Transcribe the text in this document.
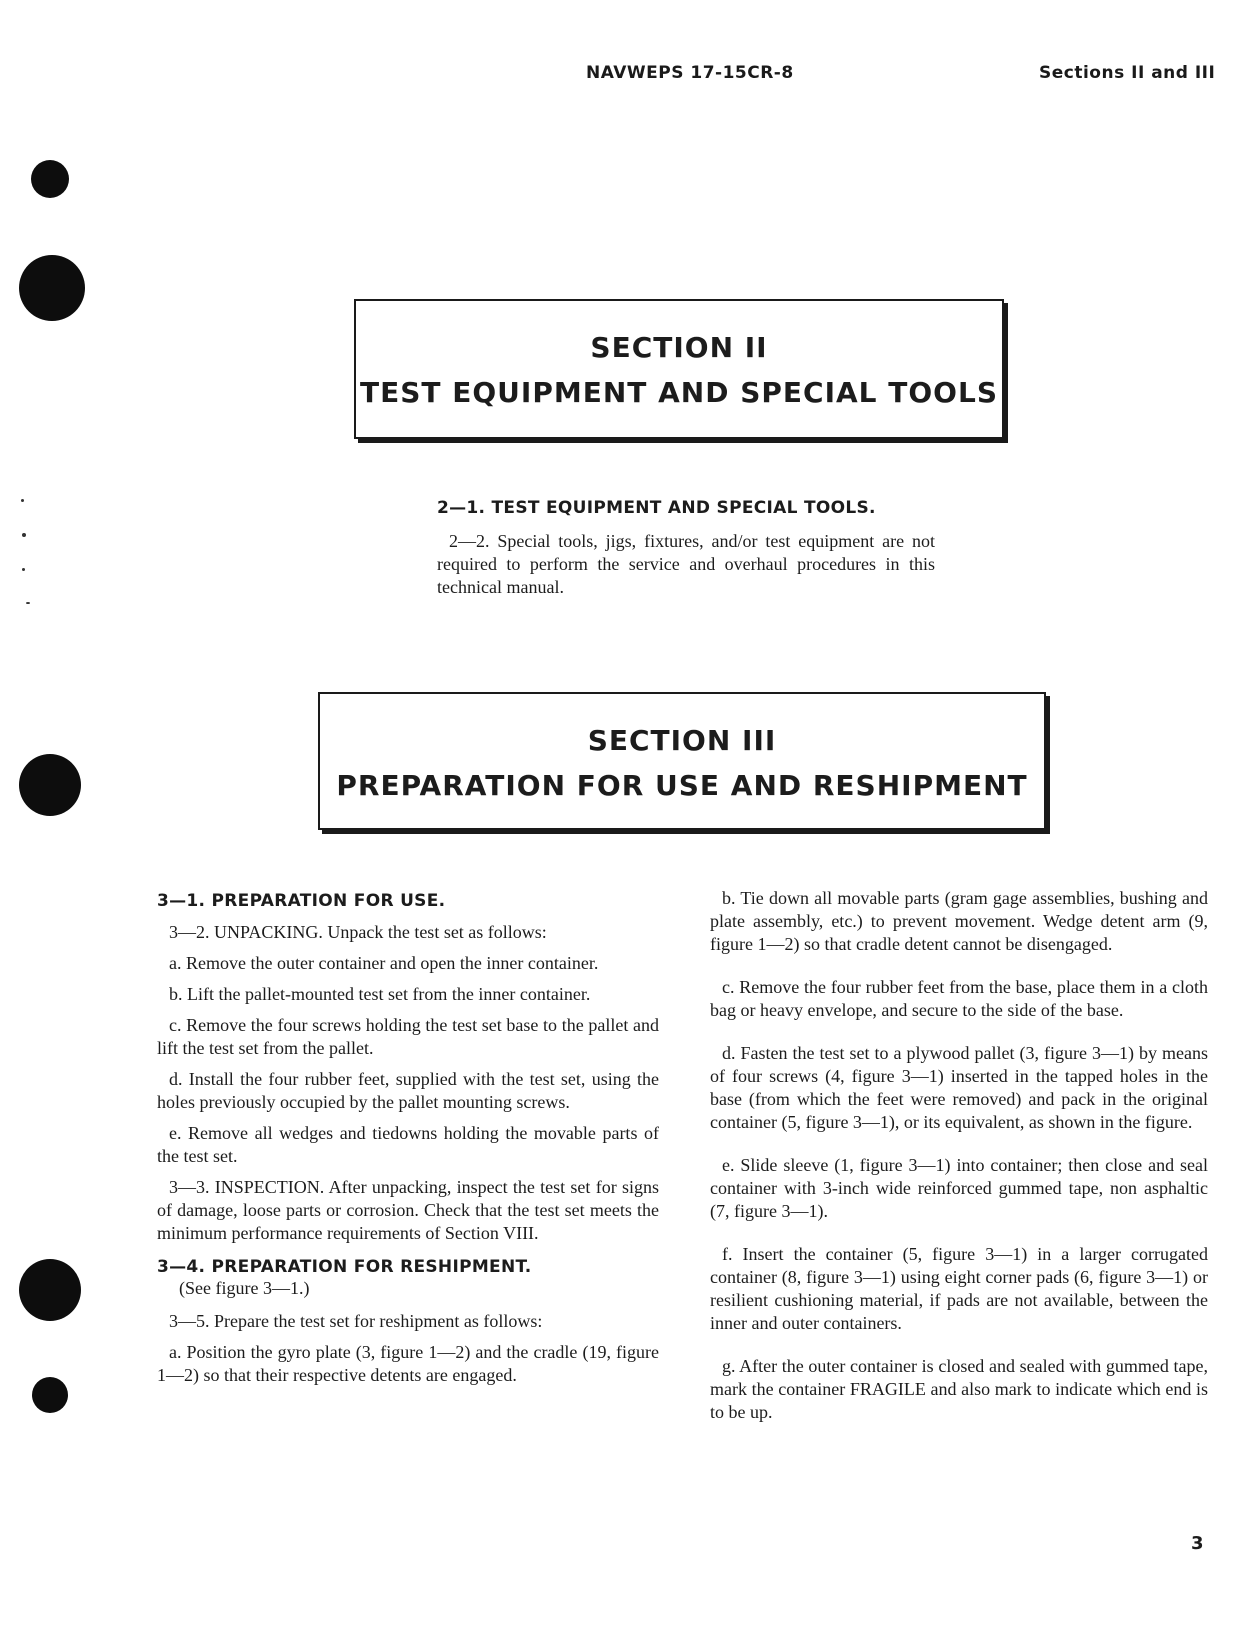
NAVWEPS 17-15CR-8	Sections II and III
SECTION II
TEST EQUIPMENT AND SPECIAL TOOLS

2—1. TEST EQUIPMENT AND SPECIAL TOOLS.

2—2. Special tools, jigs, fixtures, and/or test equipment are not required to perform the service and overhaul procedures in this technical manual.

SECTION III
PREPARATION FOR USE AND RESHIPMENT

3—1. PREPARATION FOR USE.

3—2. UNPACKING. Unpack the test set as follows:

a. Remove the outer container and open the inner container.

b. Lift the pallet-mounted test set from the inner container.

c. Remove the four screws holding the test set base to the pallet and lift the test set from the pallet.

d. Install the four rubber feet, supplied with the test set, using the holes previously occupied by the pallet mounting screws.

e. Remove all wedges and tiedowns holding the movable parts of the test set.

3—3. INSPECTION. After unpacking, inspect the test set for signs of damage, loose parts or corrosion. Check that the test set meets the minimum performance requirements of Section VIII.

3—4. PREPARATION FOR RESHIPMENT.

(See figure 3—1.)

3—5. Prepare the test set for reshipment as follows:

a. Position the gyro plate (3, figure 1—2) and the cradle (19, figure 1—2) so that their respective detents are engaged.

b. Tie down all movable parts (gram gage assemblies, bushing and plate assembly, etc.) to prevent movement. Wedge detent arm (9, figure 1—2) so that cradle detent cannot be disengaged.

c. Remove the four rubber feet from the base, place them in a cloth bag or heavy envelope, and secure to the side of the base.

d. Fasten the test set to a plywood pallet (3, figure 3—1) by means of four screws (4, figure 3—1) inserted in the tapped holes in the base (from which the feet were removed) and pack in the original container (5, figure 3—1), or its equivalent, as shown in the figure.

e. Slide sleeve (1, figure 3—1) into container; then close and seal container with 3-inch wide reinforced gummed tape, non asphaltic (7, figure 3—1).

f. Insert the container (5, figure 3—1) in a larger corrugated container (8, figure 3—1) using eight corner pads (6, figure 3—1) or resilient cushioning material, if pads are not available, between the inner and outer containers.

g. After the outer container is closed and sealed with gummed tape, mark the container FRAGILE and also mark to indicate which end is to be up.

3
